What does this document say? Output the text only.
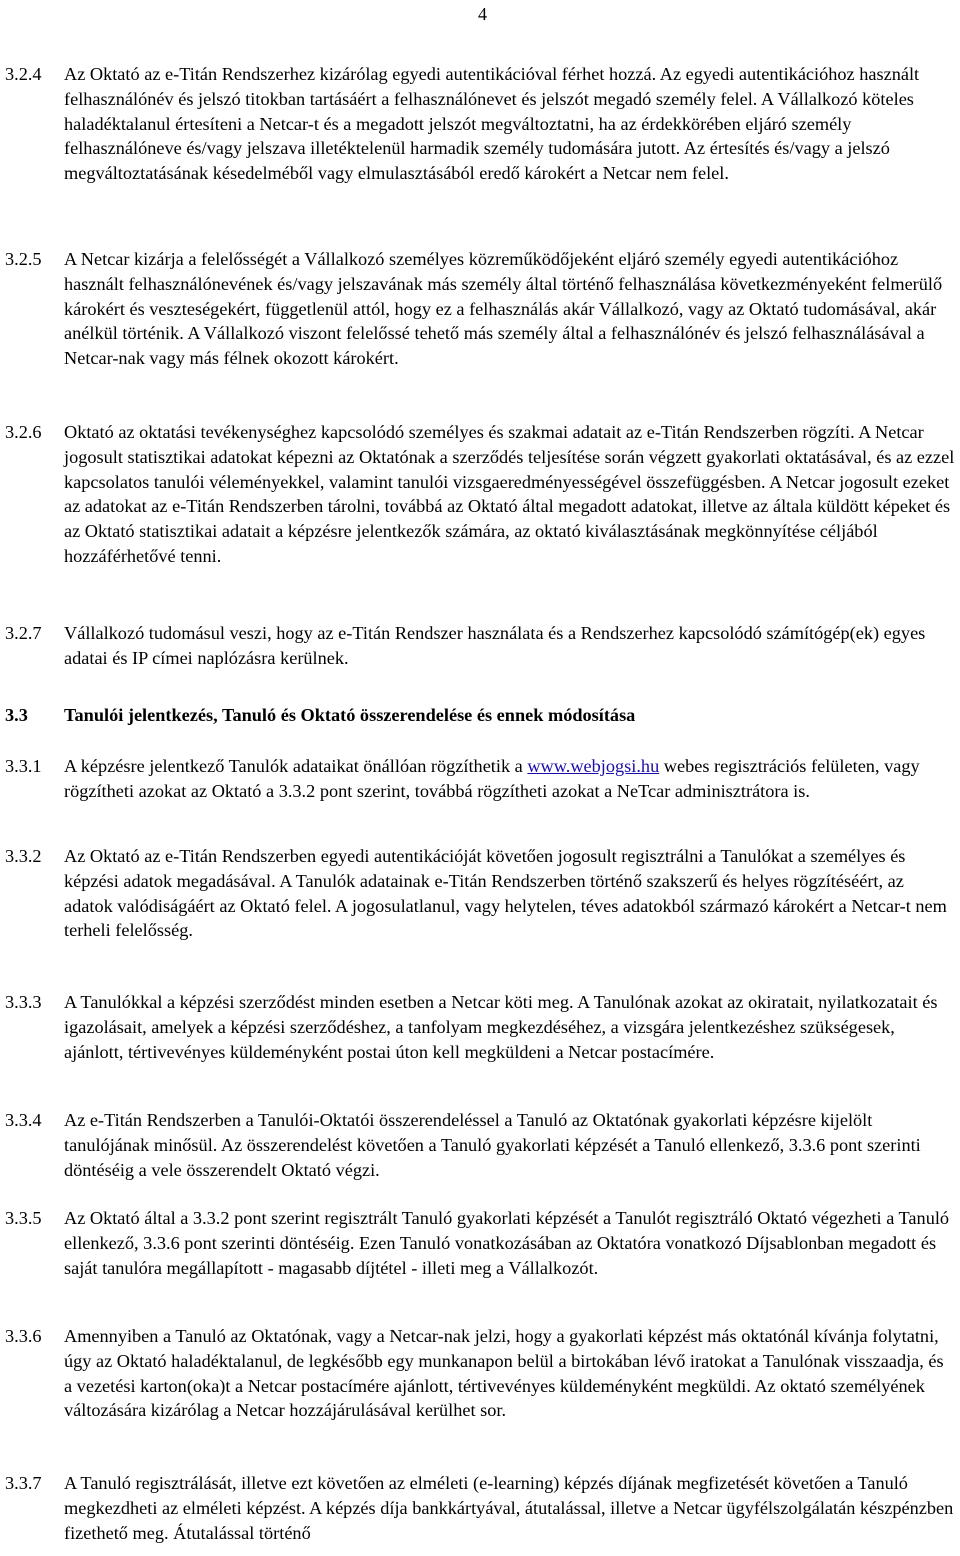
4

3.2.4 Az Oktató az e-Titán Rendszerhez kizárólag egyedi autentikációval férhet hozzá. Az egyedi autentikációhoz használt felhasználónév és jelszó titokban tartásáért a felhasználónevet és jelszót megadó személy felel. A Vállalkozó köteles haladéktalanul értesíteni a Netcar-t és a megadott jelszót megváltoztatni, ha az érdekkörében eljáró személy felhasználóneve és/vagy jelszava illetéktelenül harmadik személy tudomására jutott. Az értesítés és/vagy a jelszó megváltoztatásának késedelméből vagy elmulasztásából eredő károkért a Netcar nem felel.

3.2.5 A Netcar kizárja a felelősségét a Vállalkozó személyes közreműködőjeként eljáró személy egyedi autentikációhoz használt felhasználónevének és/vagy jelszavának más személy által történő felhasználása következményeként felmerülő károkért és veszteségekért, függetlenül attól, hogy ez a felhasználás akár Vállalkozó, vagy az Oktató tudomásával, akár anélkül történik. A Vállalkozó viszont felelőssé tehető más személy által a felhasználónév és jelszó felhasználásával a Netcar-nak vagy más félnek okozott károkért.

3.2.6 Oktató az oktatási tevékenységhez kapcsolódó személyes és szakmai adatait az e-Titán Rendszerben rögzíti. A Netcar jogosult statisztikai adatokat képezni az Oktatónak a szerződés teljesítése során végzett gyakorlati oktatásával, és az ezzel kapcsolatos tanulói véleményekkel, valamint tanulói vizsgaeredményességével összefüggésben. A Netcar jogosult ezeket az adatokat az e-Titán Rendszerben tárolni, továbbá az Oktató által megadott adatokat, illetve az általa küldött képeket és az Oktató statisztikai adatait a képzésre jelentkezők számára, az oktató kiválasztásának megkönnyítése céljából hozzáférhetővé tenni.

3.2.7 Vállalkozó tudomásul veszi, hogy az e-Titán Rendszer használata és a Rendszerhez kapcsolódó számítógép(ek) egyes adatai és IP címei naplózásra kerülnek.

3.3 Tanulói jelentkezés, Tanuló és Oktató összerendelése és ennek módosítása

3.3.1 A képzésre jelentkező Tanulók adataikat önállóan rögzíthetik a www.webjogsi.hu webes regisztrációs felületen, vagy rögzítheti azokat az Oktató a 3.3.2 pont szerint, továbbá rögzítheti azokat a NeTcar adminisztrátora is.

3.3.2 Az Oktató az e-Titán Rendszerben egyedi autentikációját követően jogosult regisztrálni a Tanulókat a személyes és képzési adatok megadásával. A Tanulók adatainak e-Titán Rendszerben történő szakszerű és helyes rögzítéséért, az adatok valódiságáért az Oktató felel. A jogosulatlanul, vagy helytelen, téves adatokból származó károkért a Netcar-t nem terheli felelősség.

3.3.3 A Tanulókkal a képzési szerződést minden esetben a Netcar köti meg. A Tanulónak azokat az okiratait, nyilatkozatait és igazolásait, amelyek a képzési szerződéshez, a tanfolyam megkezdéséhez, a vizsgára jelentkezéshez szükségesek, ajánlott, tértivevényes küldeményként postai úton kell megküldeni a Netcar postacímére.

3.3.4 Az e-Titán Rendszerben a Tanulói-Oktatói összerendeléssel a Tanuló az Oktatónak gyakorlati képzésre kijelölt tanulójának minősül. Az összerendelést követően a Tanuló gyakorlati képzését a Tanuló ellenkező, 3.3.6 pont szerinti döntéséig a vele összerendelt Oktató végzi.

3.3.5 Az Oktató által a 3.3.2 pont szerint regisztrált Tanuló gyakorlati képzését a Tanulót regisztráló Oktató végezheti a Tanuló ellenkező, 3.3.6 pont szerinti döntéséig. Ezen Tanuló vonatkozásában az Oktatóra vonatkozó Díjsablonban megadott és saját tanulóra megállapított - magasabb díjtétel - illeti meg a Vállalkozót.

3.3.6 Amennyiben a Tanuló az Oktatónak, vagy a Netcar-nak jelzi, hogy a gyakorlati képzést más oktatónál kívánja folytatni, úgy az Oktató haladéktalanul, de legkésőbb egy munkanapon belül a birtokában lévő iratokat a Tanulónak visszaadja, és a vezetési karton(oka)t a Netcar postacímére ajánlott, tértivevényes küldeményként megküldi. Az oktató személyének változására kizárólag a Netcar hozzájárulásával kerülhet sor.

3.3.7 A Tanuló regisztrálását, illetve ezt követően az elméleti (e-learning) képzés díjának megfizetését követően a Tanuló megkezdheti az elméleti képzést. A képzés díja bankkártyával, átutalással, illetve a Netcar ügyfélszolgálatán készpénzben fizethető meg. Átutalással történő
